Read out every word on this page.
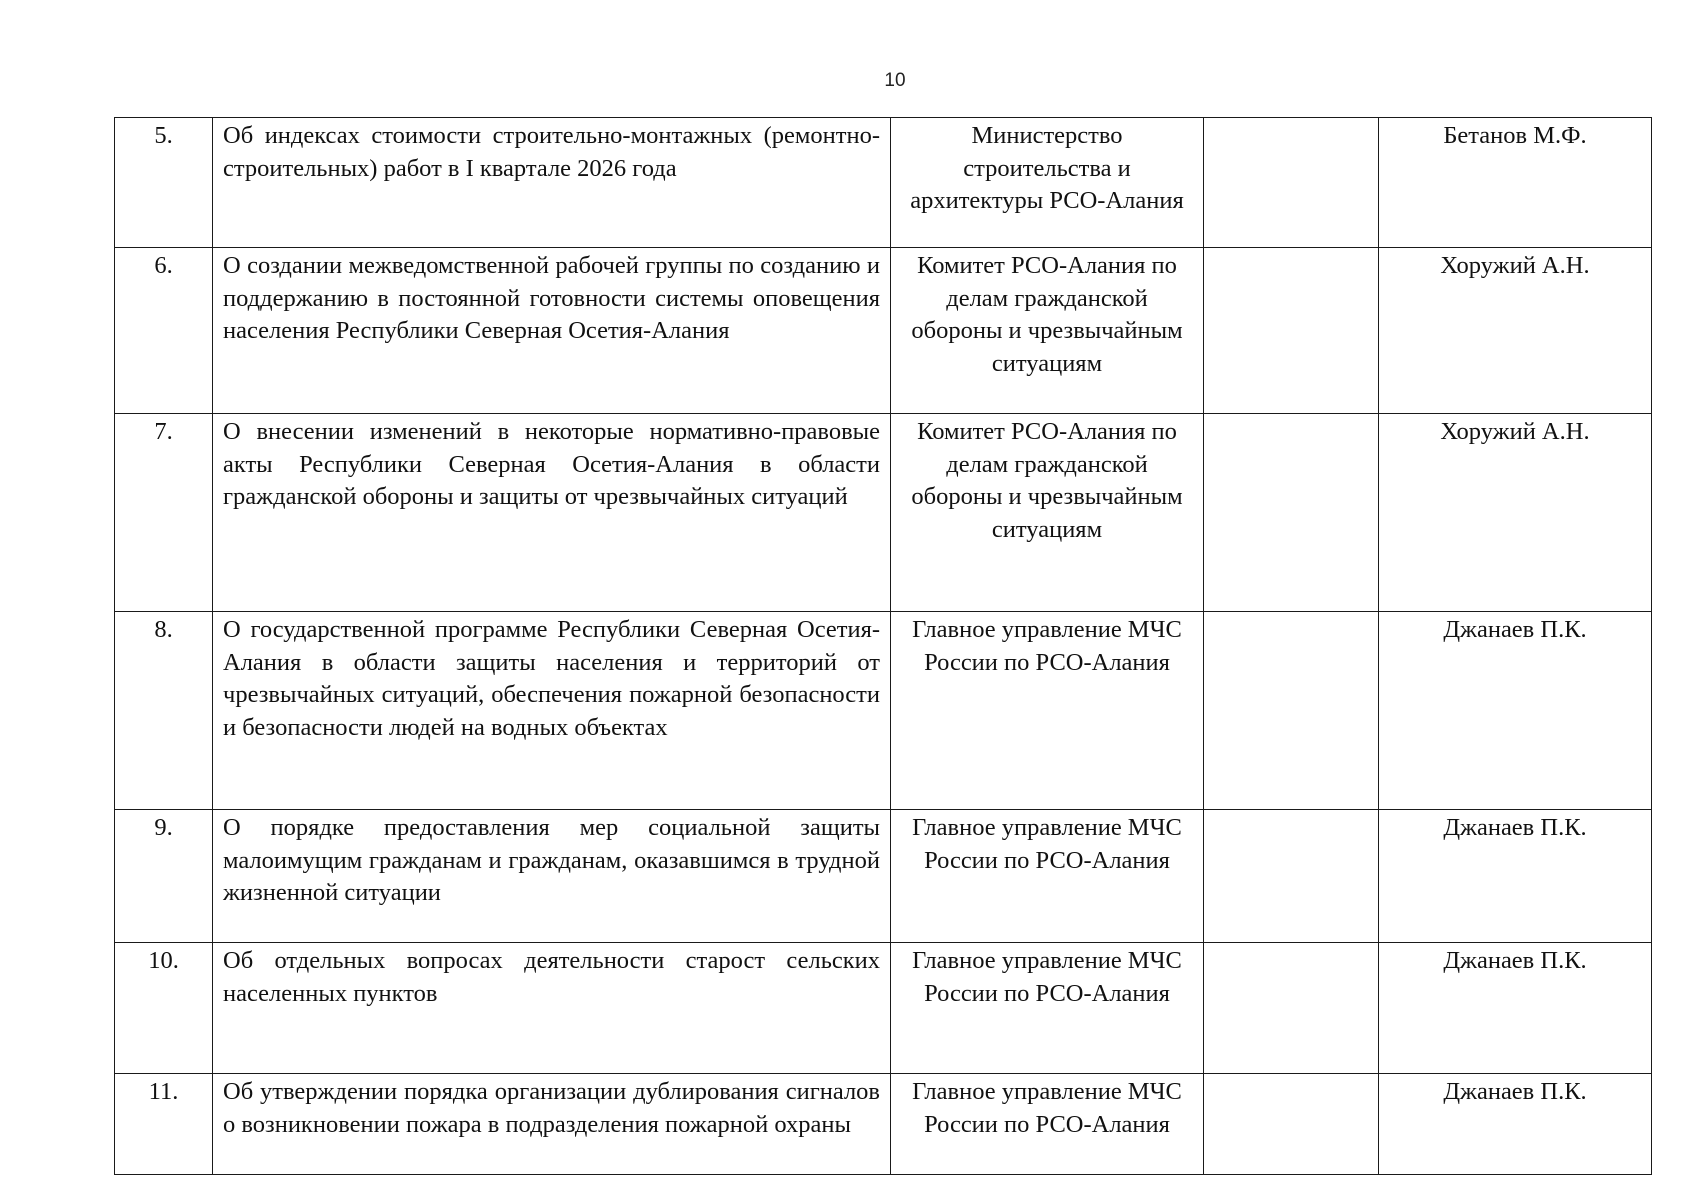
10
5.	Об индексах стоимости строительно-монтажных (ремонтно-строительных) работ в I квартале 2026 года	Министерство строительства и архитектуры РСО-Алания		Бетанов М.Ф.
6.	О создании межведомственной рабочей группы по созданию и поддержанию в постоянной готовности системы оповещения населения Республики Северная Осетия-Алания	Комитет РСО-Алания по делам гражданской обороны и чрезвычайным ситуациям		Хоружий А.Н.
7.	О внесении изменений в некоторые нормативно-правовые акты Республики Северная Осетия-Алания в области гражданской обороны и защиты от чрезвычайных ситуаций	Комитет РСО-Алания по делам гражданской обороны и чрезвычайным ситуациям		Хоружий А.Н.
8.	О государственной программе Республики Северная Осетия-Алания в области защиты населения и территорий от чрезвычайных ситуаций, обеспечения пожарной безопасности и безопасности людей на водных объектах	Главное управление МЧС России по РСО-Алания		Джанаев П.К.
9.	О порядке предоставления мер социальной защиты малоимущим гражданам и гражданам, оказавшимся в трудной жизненной ситуации	Главное управление МЧС России по РСО-Алания		Джанаев П.К.
10.	Об отдельных вопросах деятельности старост сельских населенных пунктов	Главное управление МЧС России по РСО-Алания		Джанаев П.К.
11.	Об утверждении порядка организации дублирования сигналов о возникновении пожара в подразделения пожарной охраны	Главное управление МЧС России по РСО-Алания		Джанаев П.К.
